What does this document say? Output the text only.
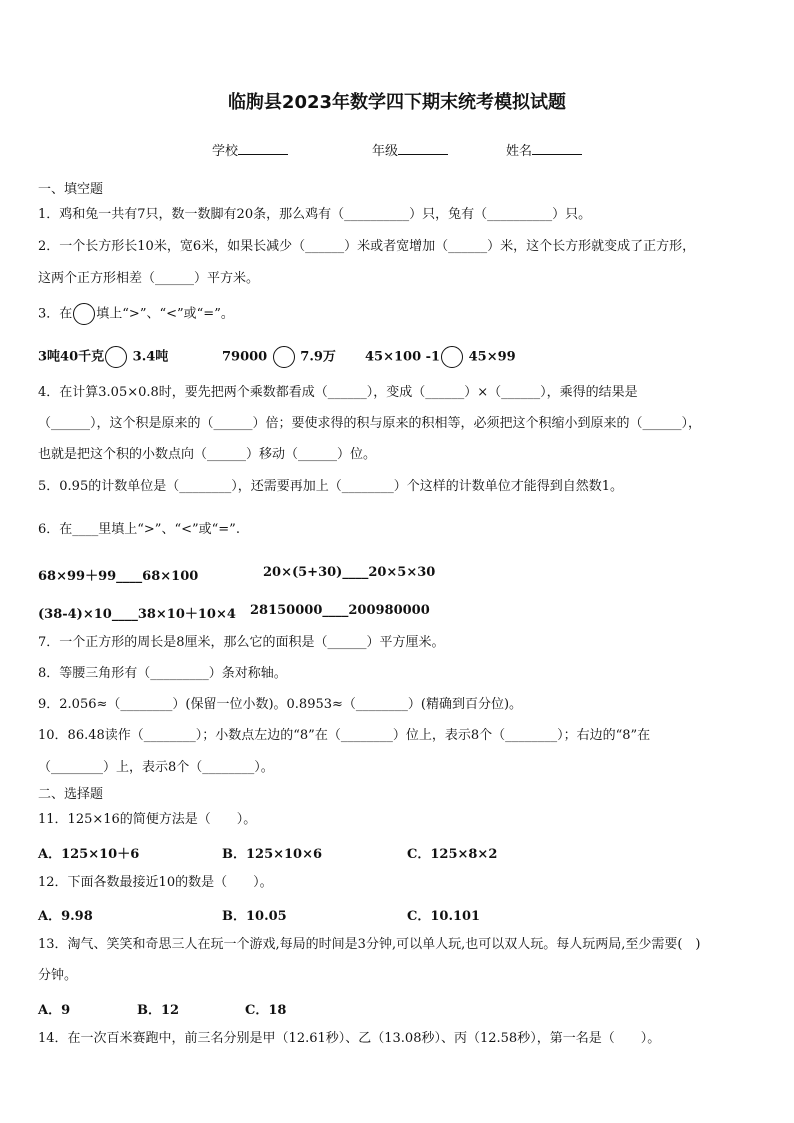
临朐县2023年数学四下期末统考模拟试题
学校	年级	姓名
一、填空题
1．鸡和兔一共有7只，数一数脚有20条，那么鸡有（__________）只，兔有（__________）只。
2．一个长方形长10米，宽6米，如果长减少（______）米或者宽增加（______）米，这个长方形就变成了正方形，
这两个正方形相差（______）平方米。
3．在 填上“>”、“<”或“=”。
3吨40千克 3.4吨	79000	7.9万 45×100 -1 45×99
4．在计算3.05×0.8时，要先把两个乘数都看成（______），变成（______）×（______），乘得的结果是
（______），这个积是原来的（______）倍；要使求得的积与原来的积相等，必须把这个积缩小到原来的（______），
也就是把这个积的小数点向（______）移动（______）位。
5．0.95的计数单位是（________），还需要再加上（________）个这样的计数单位才能得到自然数1。
6．在____里填上“>”、“<”或“=”.
68×99＋99____68×100	20×(5+30)____20×5×30
(38-4)×10____38×10＋10×4 28150000____200980000
7．一个正方形的周长是8厘米，那么它的面积是（______）平方厘米。
8．等腰三角形有（_________）条对称轴。
9．2.056≈（________）(保留一位小数)。0.8953≈（________）(精确到百分位)。
10．86.48读作（________）；小数点左边的“8”在（________）位上，表示8个（________）；右边的“8”在
（________）上，表示8个（________）。
二、选择题
11．125×16的简便方法是（　　）。
A．125×10＋6	B．125×10×6	C．125×8×2
12．下面各数最接近10的数是（　　）。
A．9.98	B．10.05	C．10.101
13．淘气、笑笑和奇思三人在玩一个游戏,每局的时间是3分钟,可以单人玩,也可以双人玩。每人玩两局,至少需要(　)
分钟。
A．9	B．12	C．18
14．在一次百米赛跑中，前三名分别是甲（12.61秒）、乙（13.08秒）、丙（12.58秒），第一名是（　　）。
